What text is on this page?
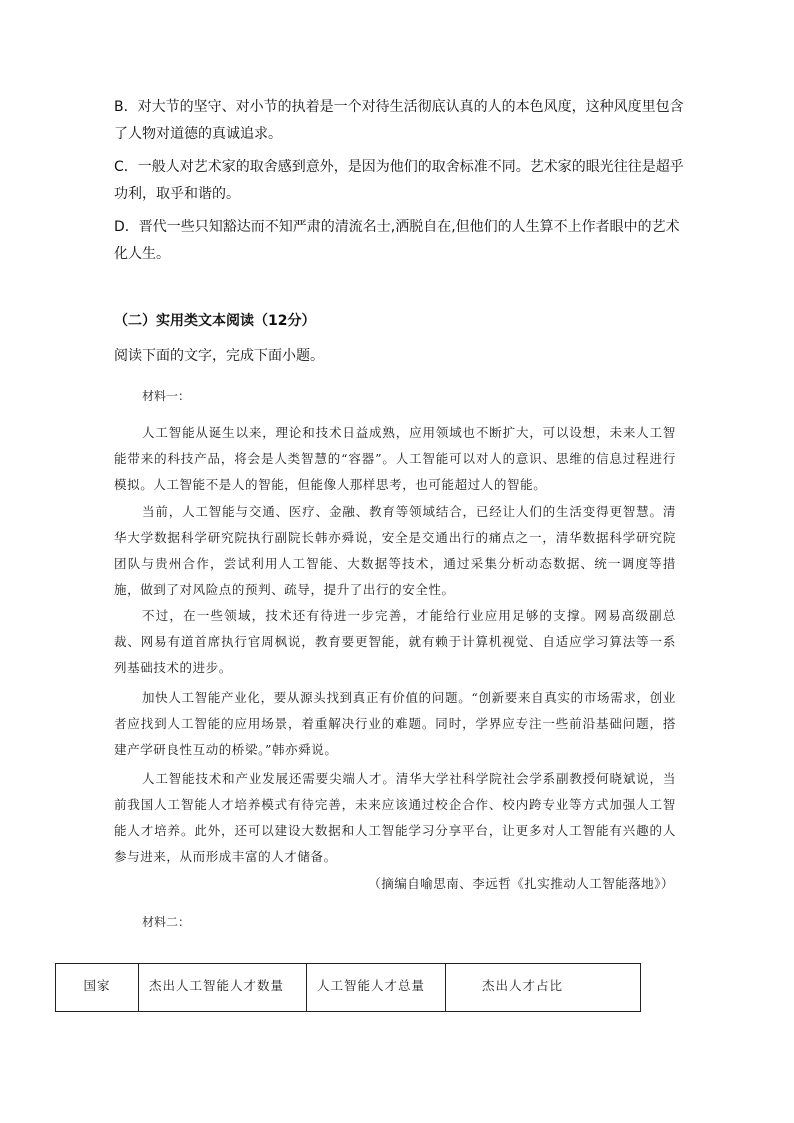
B．对大节的坚守、对小节的执着是一个对待生活彻底认真的人的本色风度，这种风度里包含了人物对道德的真诚追求。
C．一般人对艺术家的取舍感到意外，是因为他们的取舍标准不同。艺术家的眼光往往是超乎功利，取乎和谐的。
D．晋代一些只知豁达而不知严肃的清流名士,洒脱自在,但他们的人生算不上作者眼中的艺术化人生。
（二）实用类文本阅读（12分）
阅读下面的文字，完成下面小题。
材料一：
人工智能从诞生以来，理论和技术日益成熟，应用领域也不断扩大，可以设想，未来人工智能带来的科技产品，将会是人类智慧的“容器”。人工智能可以对人的意识、思维的信息过程进行模拟。人工智能不是人的智能，但能像人那样思考，也可能超过人的智能。
当前，人工智能与交通、医疗、金融、教育等领域结合，已经让人们的生活变得更智慧。清华大学数据科学研究院执行副院长韩亦舜说，安全是交通出行的痛点之一，清华数据科学研究院团队与贵州合作，尝试利用人工智能、大数据等技术，通过采集分析动态数据、统一调度等措施，做到了对风险点的预判、疏导，提升了出行的安全性。
不过，在一些领域，技术还有待进一步完善，才能给行业应用足够的支撑。网易高级副总裁、网易有道首席执行官周枫说，教育要更智能，就有赖于计算机视觉、自适应学习算法等一系列基础技术的进步。
加快人工智能产业化，要从源头找到真正有价值的问题。“创新要来自真实的市场需求，创业者应找到人工智能的应用场景，着重解决行业的难题。同时，学界应专注一些前沿基础问题，搭建产学研良性互动的桥梁。”韩亦舜说。
人工智能技术和产业发展还需要尖端人才。清华大学社科学院社会学系副教授何晓斌说，当前我国人工智能人才培养模式有待完善，未来应该通过校企合作、校内跨专业等方式加强人工智能人才培养。此外，还可以建设大数据和人工智能学习分享平台，让更多对人工智能有兴趣的人参与进来，从而形成丰富的人才储备。
（摘编自喻思南、李远哲《扎实推动人工智能落地》）
材料二：
国家	杰出人工智能人才数量	人工智能人才总量	杰出人才占比
